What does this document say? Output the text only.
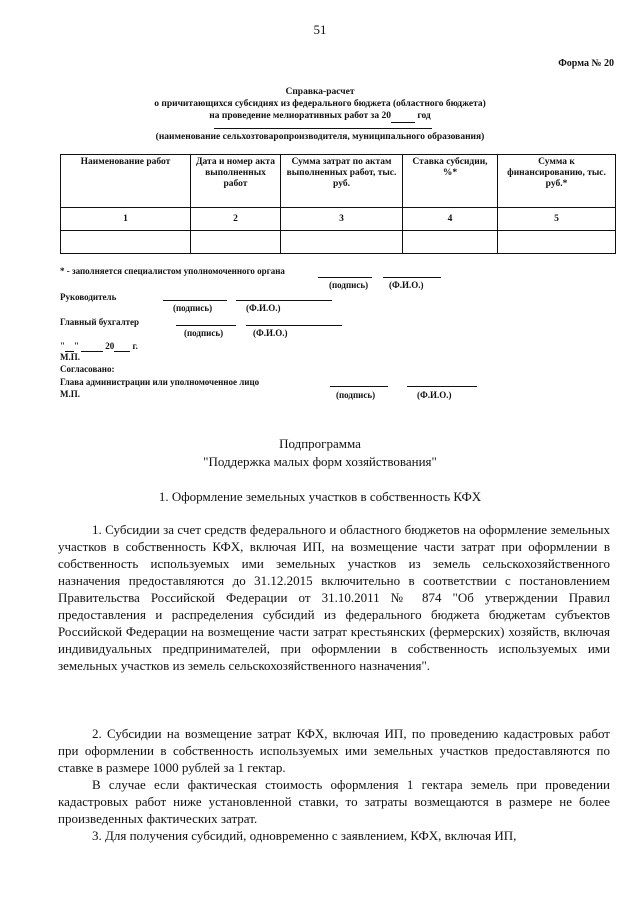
51
Форма № 20
Справка-расчет
о причитающихся субсидиях из федерального бюджета (областного бюджета)
на проведение мелиоративных работ за 20	год
(наименование сельхозтоваропроизводителя, муниципального образования)
Наименование работ	Дата и номер акта выполненных работ	Сумма затрат по актам выполненных работ, тыс. руб.	Ставка субсидии, %*	Сумма к финансированию, тыс. руб.*
1	2	3	4	5

* - заполняется специалистом уполномоченного органа
(подпись) (Ф.И.О.)
Руководитель
(подпись)	(Ф.И.О.)
Главный бухгалтер
(подпись)	(Ф.И.О.)
" "	20 г.
М.П.
Согласовано:
Глава администрации или уполномоченное лицо
М.П.	(подпись)	(Ф.И.О.)
Подпрограмма
"Поддержка малых форм хозяйствования"
1. Оформление земельных участков в собственность КФХ
1. Субсидии за счет средств федерального и областного бюджетов на оформление земельных участков в собственность КФХ, включая ИП, на возмещение части затрат при оформлении в собственность используемых ими земельных участков из земель сельскохозяйственного назначения предоставляются до 31.12.2015 включительно в соответствии с постановлением Правительства Российской Федерации от 31.10.2011 № 874 "Об утверждении Правил предоставления и распределения субсидий из федерального бюджета бюджетам субъектов Российской Федерации на возмещение части затрат крестьянских (фермерских) хозяйств, включая индивидуальных предпринимателей, при оформлении в собственность используемых ими земельных участков из земель сельскохозяйственного назначения".
2. Субсидии на возмещение затрат КФХ, включая ИП, по проведению кадастровых работ при оформлении в собственность используемых ими земельных участков предоставляются по ставке в размере 1000 рублей за 1 гектар.
В случае если фактическая стоимость оформления 1 гектара земель при проведении кадастровых работ ниже установленной ставки, то затраты возмещаются в размере не более произведенных фактических затрат.
3. Для получения субсидий, одновременно с заявлением, КФХ, включая ИП,
